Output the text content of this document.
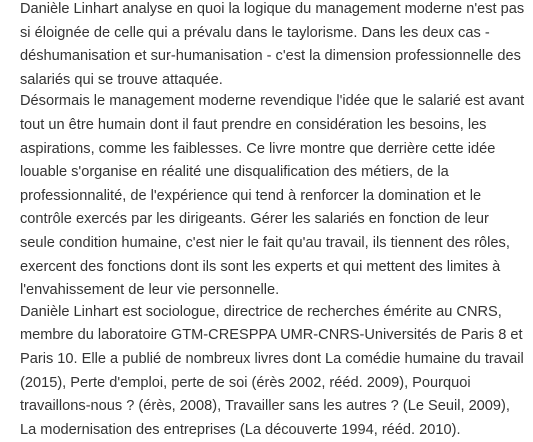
Danièle Linhart analyse en quoi la logique du management moderne n'est pas
si éloignée de celle qui a prévalu dans le taylorisme. Dans les deux cas -
déshumanisation et sur-humanisation - c'est la dimension professionnelle des
salariés qui se trouve attaquée.
Désormais le management moderne revendique l'idée que le salarié est avant
tout un être humain dont il faut prendre en considération les besoins, les
aspirations, comme les faiblesses. Ce livre montre que derrière cette idée
louable s'organise en réalité une disqualification des métiers, de la
professionnalité, de l'expérience qui tend à renforcer la domination et le
contrôle exercés par les dirigeants. Gérer les salariés en fonction de leur
seule condition humaine, c'est nier le fait qu'au travail, ils tiennent des rôles,
exercent des fonctions dont ils sont les experts et qui mettent des limites à
l'envahissement de leur vie personnelle.
Danièle Linhart est sociologue, directrice de recherches émérite au CNRS,
membre du laboratoire GTM-CRESPPA UMR-CNRS-Universités de Paris 8 et
Paris 10. Elle a publié de nombreux livres dont La comédie humaine du travail
(2015), Perte d'emploi, perte de soi (érès 2002, rééd. 2009), Pourquoi
travaillons-nous ? (érès, 2008), Travailler sans les autres ? (Le Seuil, 2009),
La modernisation des entreprises (La découverte 1994, rééd. 2010).
